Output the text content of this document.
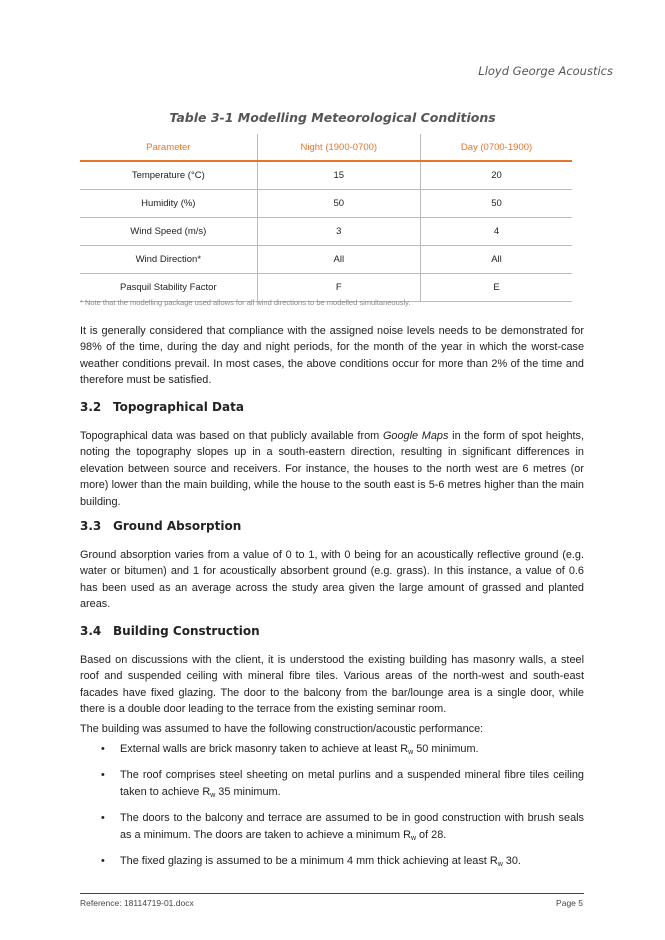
Lloyd George Acoustics
Table 3-1 Modelling Meteorological Conditions
Parameter	Night (1900-0700)	Day (0700-1900)
Temperature (°C)	15	20
Humidity (%)	50	50
Wind Speed (m/s)	3	4
Wind Direction*	All	All
Pasquil Stability Factor	F	E
* Note that the modelling package used allows for all wind directions to be modelled simultaneously.

It is generally considered that compliance with the assigned noise levels needs to be demonstrated for 98% of the time, during the day and night periods, for the month of the year in which the worst-case weather conditions prevail. In most cases, the above conditions occur for more than 2% of the time and therefore must be satisfied.

3.2 Topographical Data

Topographical data was based on that publicly available from Google Maps in the form of spot heights, noting the topography slopes up in a south-eastern direction, resulting in significant differences in elevation between source and receivers. For instance, the houses to the north west are 6 metres (or more) lower than the main building, while the house to the south east is 5-6 metres higher than the main building.

3.3 Ground Absorption

Ground absorption varies from a value of 0 to 1, with 0 being for an acoustically reflective ground (e.g. water or bitumen) and 1 for acoustically absorbent ground (e.g. grass). In this instance, a value of 0.6 has been used as an average across the study area given the large amount of grassed and planted areas.

3.4 Building Construction

Based on discussions with the client, it is understood the existing building has masonry walls, a steel roof and suspended ceiling with mineral fibre tiles. Various areas of the north-west and south-east facades have fixed glazing. The door to the balcony from the bar/lounge area is a single door, while there is a double door leading to the terrace from the existing seminar room.

The building was assumed to have the following construction/acoustic performance:

• External walls are brick masonry taken to achieve at least $R_w$ 50 minimum.
• The roof comprises steel sheeting on metal purlins and a suspended mineral fibre tiles ceiling taken to achieve $R_w$ 35 minimum.
• The doors to the balcony and terrace are assumed to be in good construction with brush seals as a minimum. The doors are taken to achieve a minimum $R_w$ of 28.
• The fixed glazing is assumed to be a minimum 4 mm thick achieving at least $R_w$ 30.
Reference: 18114719-01.docx	Page 5
